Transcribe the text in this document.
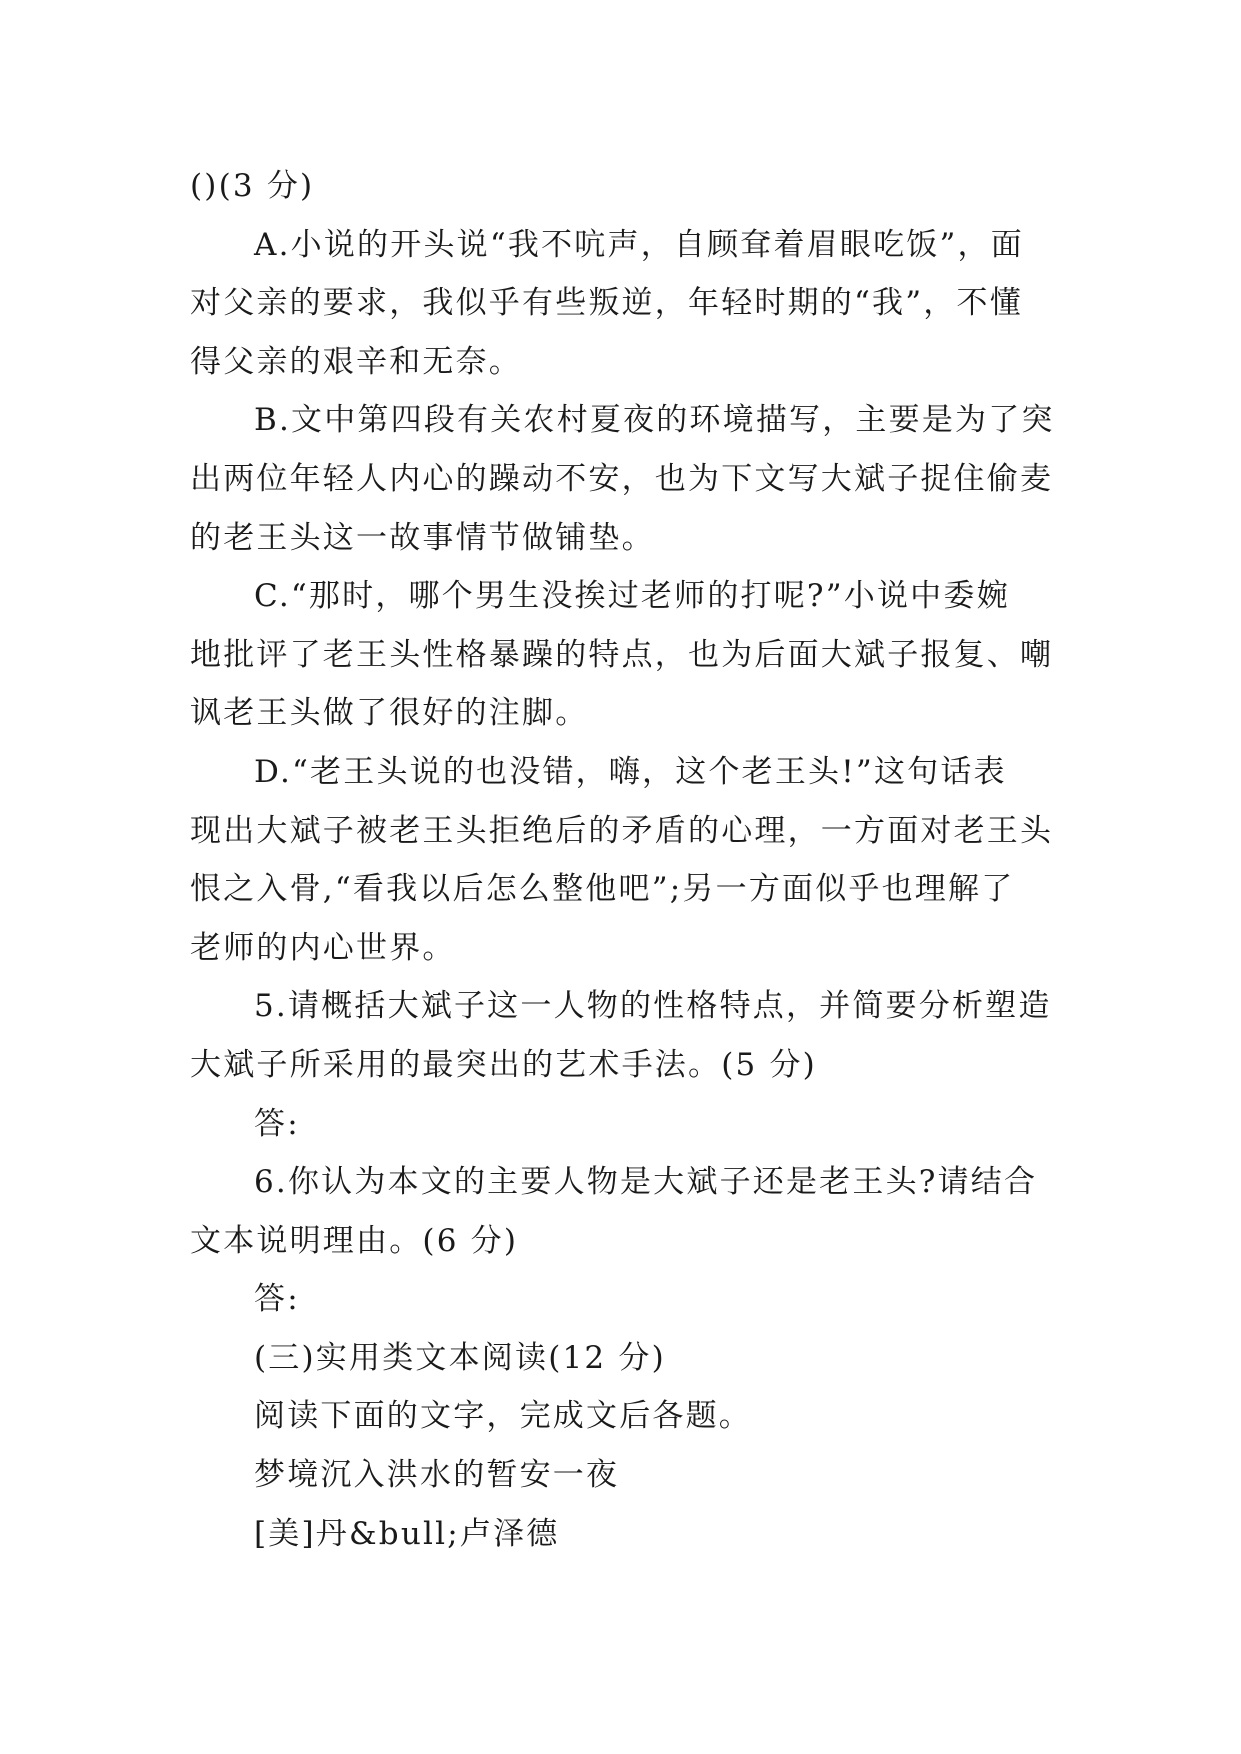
()(3 分)
A.小说的开头说“我不吭声，自顾耷着眉眼吃饭”，面
对父亲的要求，我似乎有些叛逆，年轻时期的“我”，不懂
得父亲的艰辛和无奈。
B.文中第四段有关农村夏夜的环境描写，主要是为了突
出两位年轻人内心的躁动不安，也为下文写大斌子捉住偷麦
的老王头这一故事情节做铺垫。
C.“那时，哪个男生没挨过老师的打呢?”小说中委婉
地批评了老王头性格暴躁的特点，也为后面大斌子报复、嘲
讽老王头做了很好的注脚。
D.“老王头说的也没错，嗨，这个老王头!”这句话表
现出大斌子被老王头拒绝后的矛盾的心理，一方面对老王头
恨之入骨,“看我以后怎么整他吧”;另一方面似乎也理解了
老师的内心世界。
5.请概括大斌子这一人物的性格特点，并简要分析塑造
大斌子所采用的最突出的艺术手法。(5 分)
答:
6.你认为本文的主要人物是大斌子还是老王头?请结合
文本说明理由。(6 分)
答:
(三)实用类文本阅读(12 分)
阅读下面的文字，完成文后各题。
梦境沉入洪水的暂安一夜
[美]丹&bull;卢泽德
